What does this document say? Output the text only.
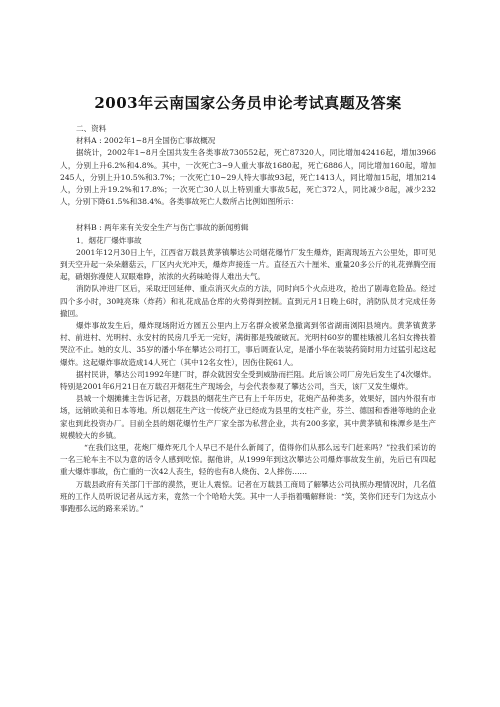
2003年云南国家公务员申论考试真题及答案

二、资料

材料A : 2002年1~8月全国伤亡事故概况

据统计，2002年1~8月全国共发生各类事故730552起，死亡87320人，同比增加42416起，增加3966人，分别上升6.2%和4.8%。其中，一次死亡3~9人重大事故1680起，死亡6886人，同比增加160起，增加245人，分别上升10.5%和3.7%；一次死亡10~29人特大事故93起，死亡1413人，同比增加15起，增加214人，分别上升19.2%和17.8%；一次死亡30人以上特别重大事故5起，死亡372人，同比减少8起，减少232人，分别下降61.5%和38.4%。各类事故死亡人数所占比例如图所示：

材料B : 两年来有关安全生产与伤亡事故的新闻剪辑

1．烟花厂爆炸事故

2001年12月30日上午，江西省万载县黄茅镇攀达公司烟花爆竹厂发生爆炸，距离现场五六公里处，即可见到天空升起一朵朵蘑菇云，厂区内火光冲天，爆炸声接连一片。直径五六十厘米、重量20多公斤的礼花弹腾空而起，硝烟弥漫使人双眼难睁，浓浓的火药味呛得人难出大气。

消防队冲进厂区后，采取迂回延伸、重点消灭火点的方法，同时向5个火点进攻，抢出了剧毒危险品。经过四个多小时，30吨亮珠（炸药）和礼花成品仓库的火势得到控制。直到元月1日晚上6时，消防队员才完成任务撤回。

爆炸事故发生后，爆炸现场附近方圆五公里内上万名群众被紧急撤离到邻省湖南浏阳县境内。黄茅镇黄茅村、前进村、光明村、永安村的民房几乎无一完好，满街都是残破破瓦。光明村60岁的瞿桂娥被儿名妇女搀扶着哭泣不止。她的女儿、35岁的潘小华在攀达公司打工，事后调查认定，是潘小华在装装药筒时用力过猛引起这起爆炸。这起爆炸事故造成14人死亡（其中12名女性），因伤住院61人。

据村民讲，攀达公司1992年建厂时，群众就因安全受到威胁而拦阻。此后该公司厂房先后发生了4次爆炸。特别是2001年6月21日在万载召开烟花生产现场会，与会代表参观了攀达公司，当天，该厂又发生爆炸。

县城一个烟摊摊主告诉记者，万载县的烟花生产已有上千年历史，花炮产品种类多，效果好，国内外很有市场，远销欧美和日本等地。所以烟花生产这一传统产业已经成为县里的支柱产业，芬兰、德国和香港等地的企业家也到此投资办厂。目前全县的烟花爆竹生产厂家全部为私营企业，共有200多家，其中黄茅镇和株潭乡是生产规模较大的乡镇。

“在我们这里，花炮厂爆炸死几个人早已不是什么新闻了，值得你们从那么远专门赶来吗？”拉我们采访的一名三轮车主不以为意的话令人感到吃惊。据他讲，从1999年到这次攀达公司爆炸事故发生前，先后已有四起重大爆炸事故，伤亡重的一次42人丧生，轻的也有8人烧伤、2人摔伤……

万载县政府有关部门干部的漠然，更让人震惊。记者在万载县工商局了解攀达公司执照办理情况时，几名值班的工作人员听说记者从远方来，竟然一个个哈哈大笑。其中一人手指着嘴解释说：“笑，笑你们还专门为这点小事跑那么远的路来采访。”
